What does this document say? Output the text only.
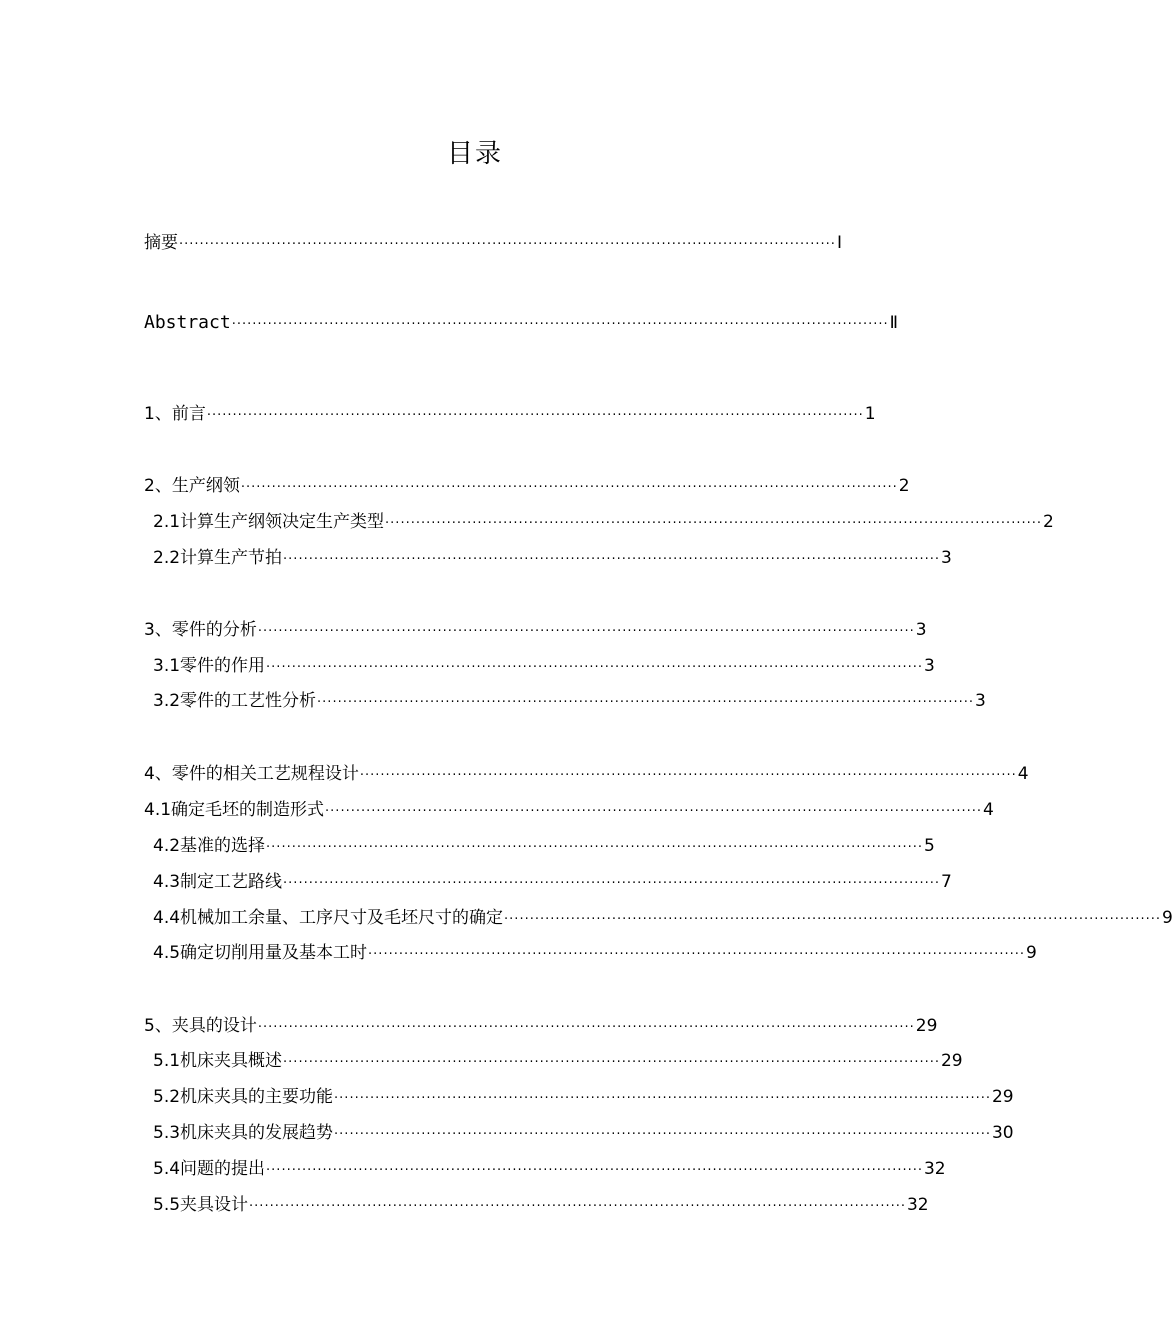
目录
摘要 ································································································································ Ⅰ
Abstract ································································································································ Ⅱ
1、前言 ································································································································ 1
2、生产纲领 ································································································································ 2
2.1计算生产纲领决定生产类型 ································································································································ 2
2.2计算生产节拍 ································································································································ 3
3、零件的分析 ································································································································ 3
3.1零件的作用 ································································································································ 3
3.2零件的工艺性分析 ································································································································ 3
4、零件的相关工艺规程设计 ································································································································ 4
4.1确定毛坯的制造形式 ································································································································ 4
4.2基准的选择 ································································································································ 5
4.3制定工艺路线 ································································································································ 7
4.4机械加工余量、工序尺寸及毛坯尺寸的确定 ································································································································ 9
4.5确定切削用量及基本工时 ································································································································ 9
5、夹具的设计 ································································································································ 29
5.1机床夹具概述 ································································································································ 29
5.2机床夹具的主要功能 ································································································································ 29
5.3机床夹具的发展趋势 ································································································································ 30
5.4问题的提出 ································································································································ 32
5.5夹具设计 ································································································································ 32
